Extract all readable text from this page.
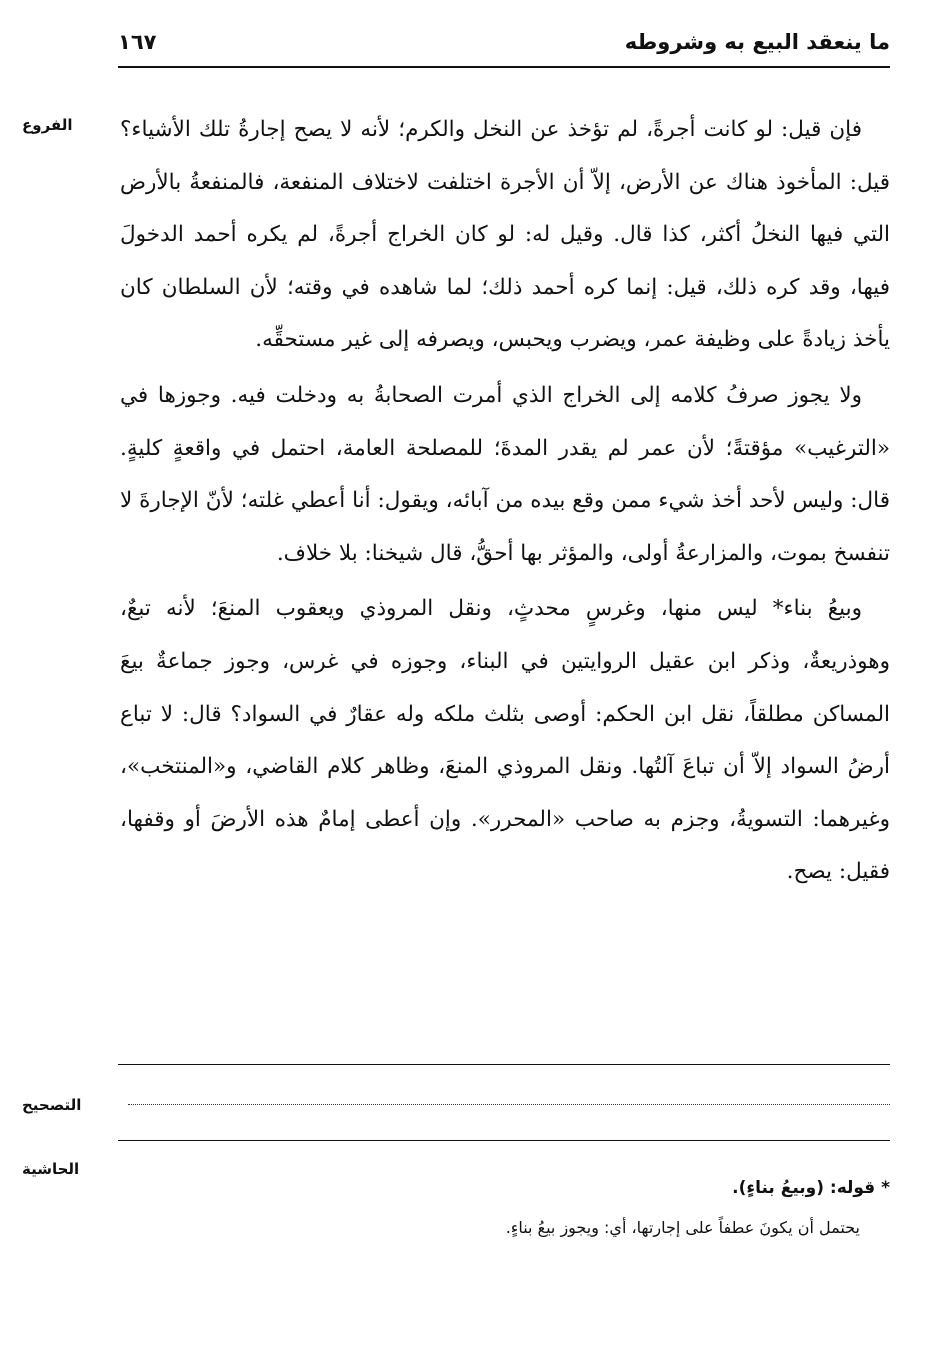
ما ينعقد البيع به وشروطه
١٦٧
الفروع	فإن قيل: لو كانت أجرةً، لم تؤخذ عن النخل والكرم؛ لأنه لا يصح إجارةُ تلك الأشياء؟ قيل: المأخوذ هناك عن الأرض، إلاّ أن الأجرة اختلفت لاختلاف المنفعة، فالمنفعةُ بالأرض التي فيها النخلُ أكثر، كذا قال. وقيل له: لو كان الخراج أجرةً، لم يكره أحمد الدخولَ فيها، وقد كره ذلك، قيل: إنما كره أحمد ذلك؛ لما شاهده في وقته؛ لأن السلطان كان يأخذ زيادةً على وظيفة عمر، ويضرب ويحبس، ويصرفه إلى غير مستحقِّه.

ولا يجوز صرفُ كلامه إلى الخراج الذي أمرت الصحابةُ به ودخلت فيه. وجوزها في «الترغيب» مؤقتةً؛ لأن عمر لم يقدر المدةَ؛ للمصلحة العامة، احتمل في واقعةٍ كليةٍ. قال: وليس لأحد أخذ شيء ممن وقع بيده من آبائه، ويقول: أنا أعطي غلته؛ لأنّ الإجارةَ لا تنفسخ بموت، والمزارعةُ أولى، والمؤثر بها أحقُّ، قال شيخنا: بلا خلاف.

وبيعُ بناء* ليس منها، وغرسٍ محدثٍ، ونقل المروذي ويعقوب المنعَ؛ لأنه تبعٌ، وهوذريعةٌ، وذكر ابن عقيل الروايتين في البناء، وجوزه في غرس، وجوز جماعةٌ بيعَ المساكن مطلقاً، نقل ابن الحكم: أوصى بثلث ملكه وله عقارٌ في السواد؟ قال: لا تباع أرضُ السواد إلاّ أن تباعَ آلتُها. ونقل المروذي المنعَ، وظاهر كلام القاضي، و«المنتخب»، وغيرهما: التسويةُ، وجزم به صاحب «المحرر». وإن أعطى إمامٌ هذه الأرضَ أو وقفها، فقيل: يصح.

التصحيح
الحاشية
* قوله: (وبيعُ بناءٍ).
يحتمل أن يكونَ عطفاً على إجارتها، أي: ويجوز بيعُ بناءٍ.
